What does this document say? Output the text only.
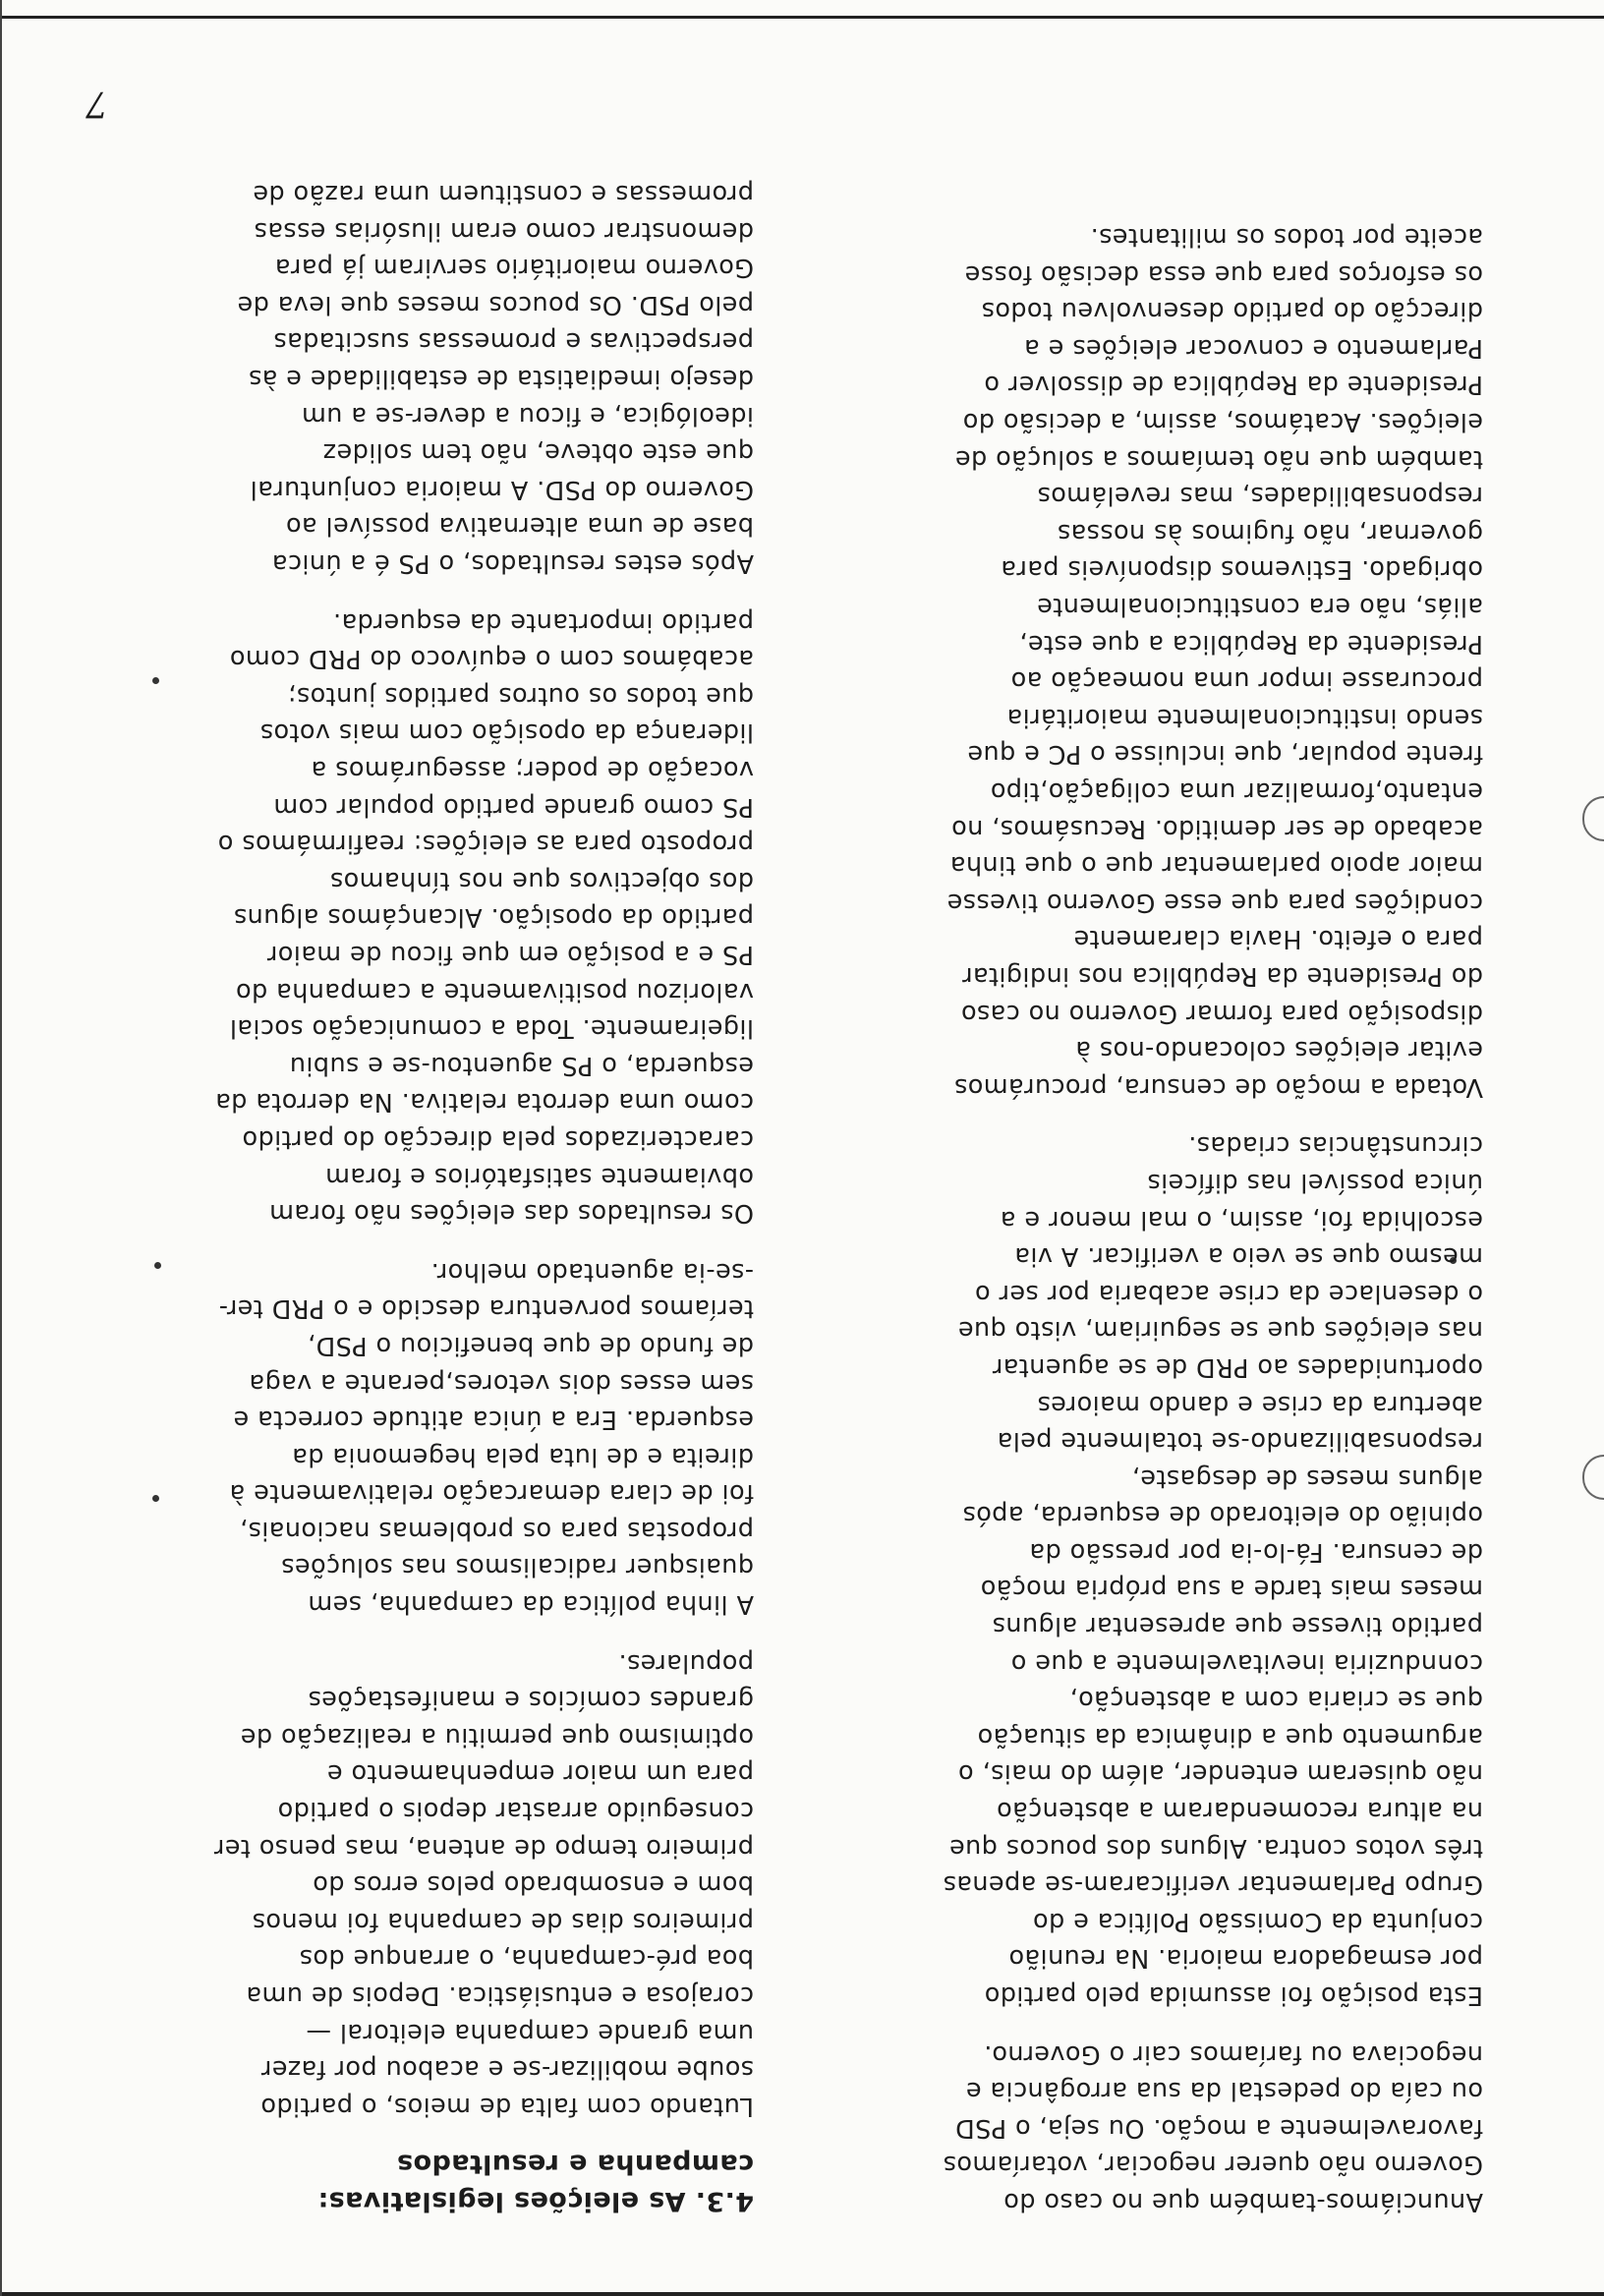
Anunciámos-também que no caso do
Governo não querer negociar, votaríamos
favoravelmente a moção. Ou seja, o PSD
ou caía do pedestal da sua arrogância e
negociava ou faríamos cair o Governo.
Esta posição foi assumida pelo partido
por esmagadora maioria. Na reunião
conjunta da Comissão Política e do
Grupo Parlamentar verificaram-se apenas
três votos contra. Alguns dos poucos que
na altura recomendaram a abstenção
não quiseram entender, além do mais, o
argumento que a dinâmica da situação
que se criaria com a abstenção,
connduziria inevitavelmente a que o
partido tivesse que apresentar alguns
meses mais tarde a sua própria moção
de censura. Fá-lo-ia por pressão da
opinião do eleitorado de esquerda, após
alguns meses de desgaste,
responsabilizando-se totalmente pela
abertura da crise e dando maiores
oportunidades ao PRD de se aguentar
nas eleições que se seguiriam, visto que
o desenlace da crise acabaria por ser o
mesmo que se veio a verificar. A via
escolhida foi, assim, o mal menor e a
única possível nas difíceis
circunstâncias criadas.
Votada a moção de censura, procurámos
evitar eleições colocando-nos à
disposição para formar Governo no caso
do Presidente da República nos indigitar
para o efeito. Havia claramente
condições para que esse Governo tivesse
maior apoio parlamentar que o que tinha
acabado de ser demitido. Recusámos, no
entanto,formalizar uma coligação,tipo
frente popular, que incluisse o PC e que
sendo institucionalmente maioritária
procurasse impor uma nomeação ao
Presidente da República a que este,
aliás, não era constitucionalmente
obrigado. Estivemos disponíveis para
governar, não fugimos às nossas
responsabilidades, mas revelámos
também que não temíamos a solução de
eleições. Acatámos, assim, a decisão do
Presidente da República de dissolver o
Parlamento e convocar eleições e a
direcção do partido desenvolveu todos
os esforços para que essa decisão fosse
aceite por todos os militantes.
4.3. As eleições legislativas:
campanha e resultados
Lutando com falta de meios, o partido
soube mobilizar-se e acabou por fazer
uma grande campanha eleitoral —
corajosa e entusiástica. Depois de uma
boa pré-campanha, o arranque dos
primeiros dias de campanha foi menos
bom e ensombrado pelos erros do
primeiro tempo de antena, mas penso ter
conseguido arrastar depois o partido
para um maior empenhamento e
optimismo que permitiu a realização de
grandes comícios e manifestações
populares.
A linha política da campanha, sem
quaisquer radicalismos nas soluções
propostas para os problemas nacionais,
foi de clara demarcação relativamente à
direita e de luta pela hegemonia da
esquerda. Era a única atitude correcta e
sem esses dois vetores,perante a vaga
de fundo de que beneficiou o PSD,
teríamos porventura descido e o PRD ter-
-se-ia aguentado melhor.
Os resultados das eleições não foram
obviamente satisfatórios e foram
caracterizados pela direcção do partido
como uma derrota relativa. Na derrota da
esquerda, o PS aguentou-se e subiu
ligeiramente. Toda a comunicação social
valorizou positivamente a campanha do
PS e a posição em que ficou de maior
partido da oposição. Alcançámos alguns
dos objectivos que nos tínhamos
proposto para as eleições: reafirmámos o
PS como grande partido popular com
vocação de poder; assegurámos a
liderança da oposição com mais votos
que todos os outros partidos juntos;
acabámos com o equívoco do PRD como
partido importante da esquerda.
Após estes resultados, o PS é a única
base de uma alternativa possível ao
Governo do PSD. A maioria conjuntural
que este obteve, não tem solidez
ideológica, e ficou a dever-se a um
desejo imediatista de estabilidade e às
perspectivas e promessas suscitadas
pelo PSD. Os poucos meses que leva de
Governo maioritário serviram já para
demonstrar como eram ilusórias essas
promessas e constituem uma razão de
7
